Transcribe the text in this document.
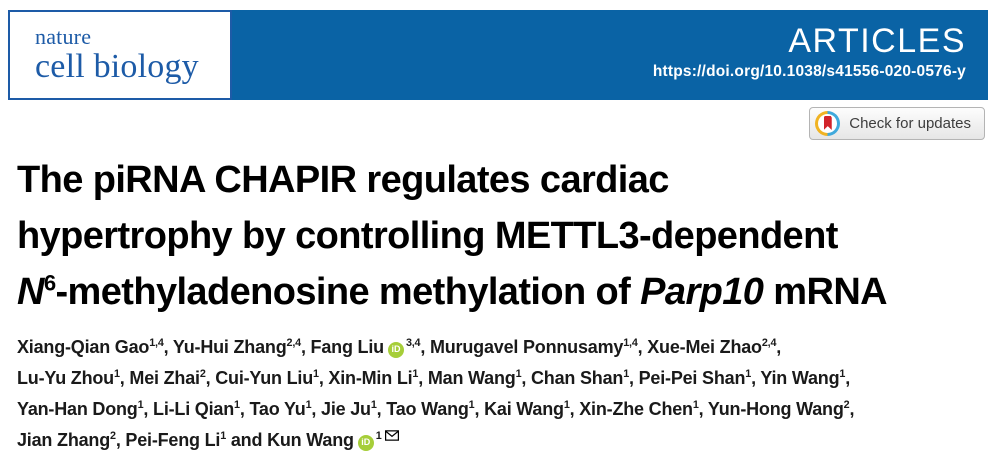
nature
cell biology
ARTICLES
https://doi.org/10.1038/s41556-020-0576-y
Check for updates
The piRNA CHAPIR regulates cardiac
hypertrophy by controlling METTL3-dependent
$N^6$-methyladenosine methylation of Parp10 mRNA
Xiang-Qian Gao$^{1,4}$, Yu-Hui Zhang$^{2,4}$, Fang Liu iD $^{3,4}$, Murugavel Ponnusamy$^{1,4}$, Xue-Mei Zhao$^{2,4}$,
Lu-Yu Zhou$^1$, Mei Zhai$^2$, Cui-Yun Liu$^1$, Xin-Min Li$^1$, Man Wang$^1$, Chan Shan$^1$, Pei-Pei Shan$^1$, Yin Wang$^1$,
Yan-Han Dong$^1$, Li-Li Qian$^1$, Tao Yu$^1$, Jie Ju$^1$, Tao Wang$^1$, Kai Wang$^1$, Xin-Zhe Chen$^1$, Yun-Hong Wang$^2$,
Jian Zhang$^2$, Pei-Feng Li$^1$ and Kun Wang iD $^1$
